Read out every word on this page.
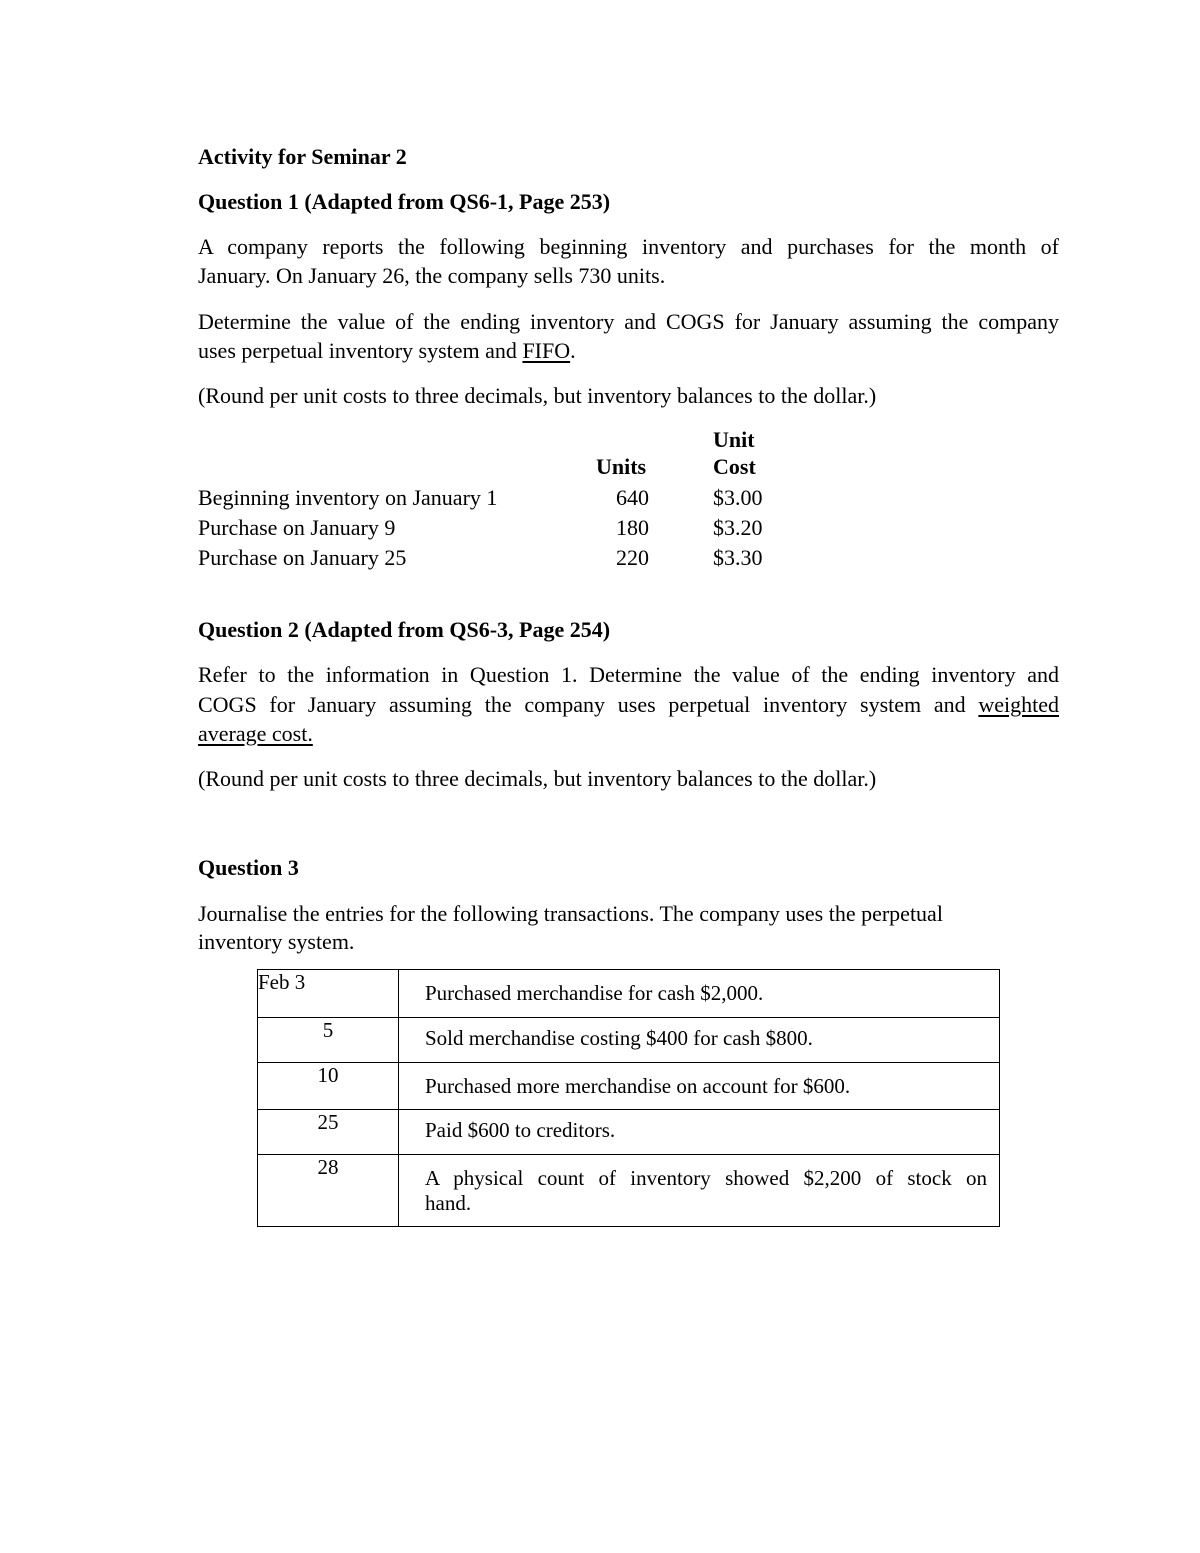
Activity for Seminar 2
Question 1 (Adapted from QS6-1, Page 253)
A company reports the following beginning inventory and purchases for the month of
January. On January 26, the company sells 730 units.
Determine the value of the ending inventory and COGS for January assuming the company
uses perpetual inventory system and FIFO.
(Round per unit costs to three decimals, but inventory balances to the dollar.)
Unit
Units	Cost
Beginning inventory on January 1	640	$3.00
Purchase on January 9	180	$3.20
Purchase on January 25	220	$3.30
Question 2 (Adapted from QS6-3, Page 254)
Refer to the information in Question 1. Determine the value of the ending inventory and
COGS for January assuming the company uses perpetual inventory system and weighted
average cost.
(Round per unit costs to three decimals, but inventory balances to the dollar.)
Question 3
Journalise the entries for the following transactions. The company uses the perpetual
inventory system.
Feb 3	Purchased merchandise for cash $2,000.

5	Sold merchandise costing $400 for cash $800.

10	Purchased more merchandise on account for $600.

25	Paid $600 to creditors.

28	A physical count of inventory showed $2,200 of stock on
hand.
